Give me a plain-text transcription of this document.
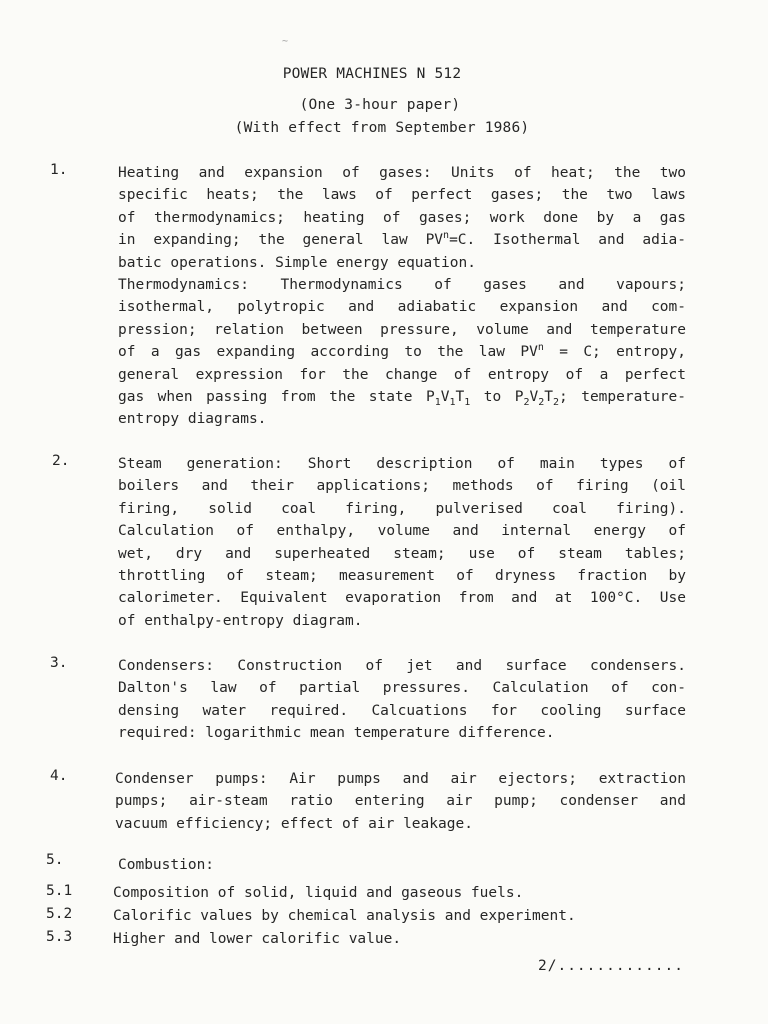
~
POWER MACHINES N 512
(One 3-hour paper)
(With effect from September 1986)
1.	Heating and expansion of gases: Units of heat; the two
specific heats; the laws of perfect gases; the two laws
of thermodynamics; heating of gases; work done by a gas
in expanding; the general law $PV^n=C$. Isothermal and adia-
batic operations. Simple energy equation.
Thermodynamics: Thermodynamics of gases and vapours;
isothermal, polytropic and adiabatic expansion and com-
pression; relation between pressure, volume and temperature
of a gas expanding according to the law $PV^n = C$; entropy,
general expression for the change of entropy of a perfect
gas when passing from the state $P_1V_1T_1$ to $P_2V_2T_2$; temperature-
entropy diagrams.
2.	Steam generation: Short description of main types of
boilers and their applications; methods of firing (oil
firing, solid coal firing, pulverised coal firing).
Calculation of enthalpy, volume and internal energy of
wet, dry and superheated steam; use of steam tables;
throttling of steam; measurement of dryness fraction by
calorimeter. Equivalent evaporation from and at 100°C. Use
of enthalpy-entropy diagram.
3.	Condensers: Construction of jet and surface condensers.
Dalton's law of partial pressures. Calculation of con-
densing water required. Calcuations for cooling surface
required: logarithmic mean temperature difference.
4.	Condenser pumps: Air pumps and air ejectors; extraction
pumps; air-steam ratio entering air pump; condenser and
vacuum efficiency; effect of air leakage.
5.	Combustion:
5.1	Composition of solid, liquid and gaseous fuels.
5.2	Calorific values by chemical analysis and experiment.
5.3	Higher and lower calorific value.
2/.............
